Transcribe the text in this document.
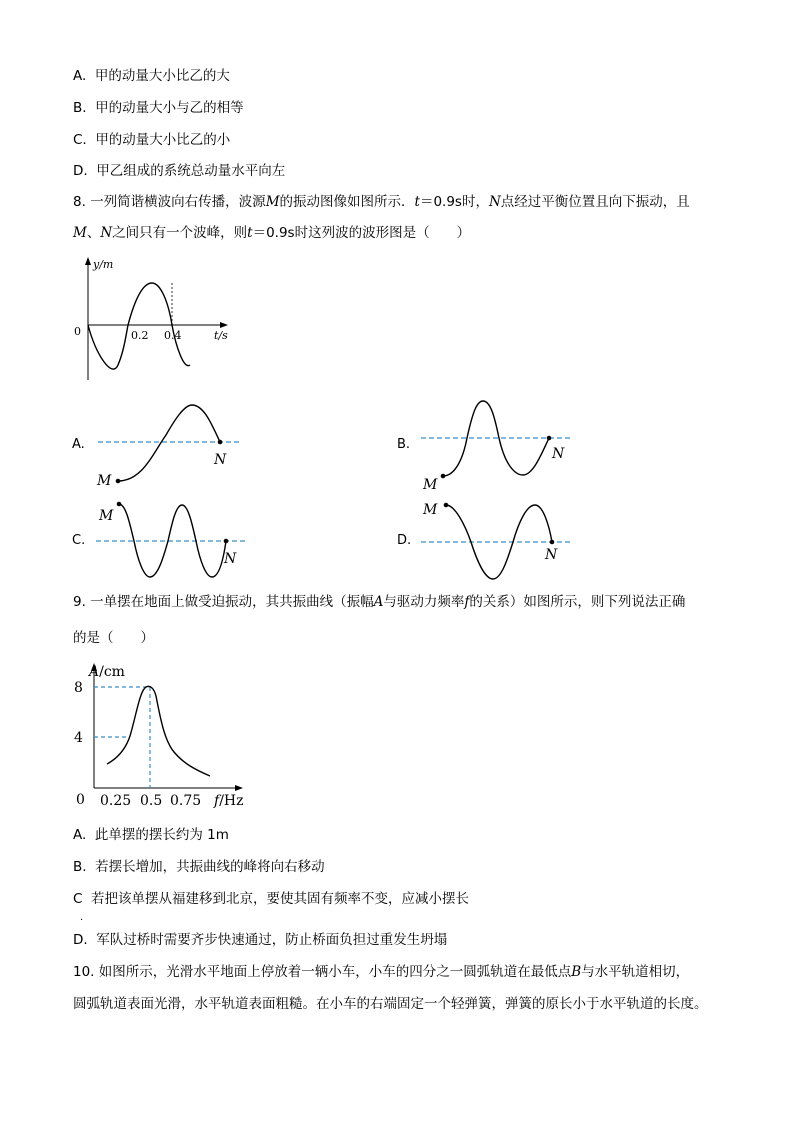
A. 甲的动量大小比乙的大
B. 甲的动量大小与乙的相等
C. 甲的动量大小比乙的小
D. 甲乙组成的系统总动量水平向左
8. 一列简谐横波向右传播，波源M的振动图像如图所示．t＝0.9s时，N点经过平衡位置且向下振动，且
M、N之间只有一个波峰，则t＝0.9s时这列波的波形图是（　　）
y/m
0	0.2 0.4	t/s
A.
M
N
B.
M
N
C.
M
N
D.
M
N
9. 一单摆在地面上做受迫振动，其共振曲线（振幅A与驱动力频率f的关系）如图所示，则下列说法正确
的是（　　）
A/cm
8
4
0 0.25 0.5 0.75 f/Hz
A. 此单摆的摆长约为 1m
B. 若摆长增加，共振曲线的峰将向右移动
C 若把该单摆从福建移到北京，要使其固有频率不变，应减小摆长
.
D. 军队过桥时需要齐步快速通过，防止桥面负担过重发生坍塌
10. 如图所示，光滑水平地面上停放着一辆小车，小车的四分之一圆弧轨道在最低点B与水平轨道相切，
圆弧轨道表面光滑，水平轨道表面粗糙。在小车的右端固定一个轻弹簧，弹簧的原长小于水平轨道的长度。
